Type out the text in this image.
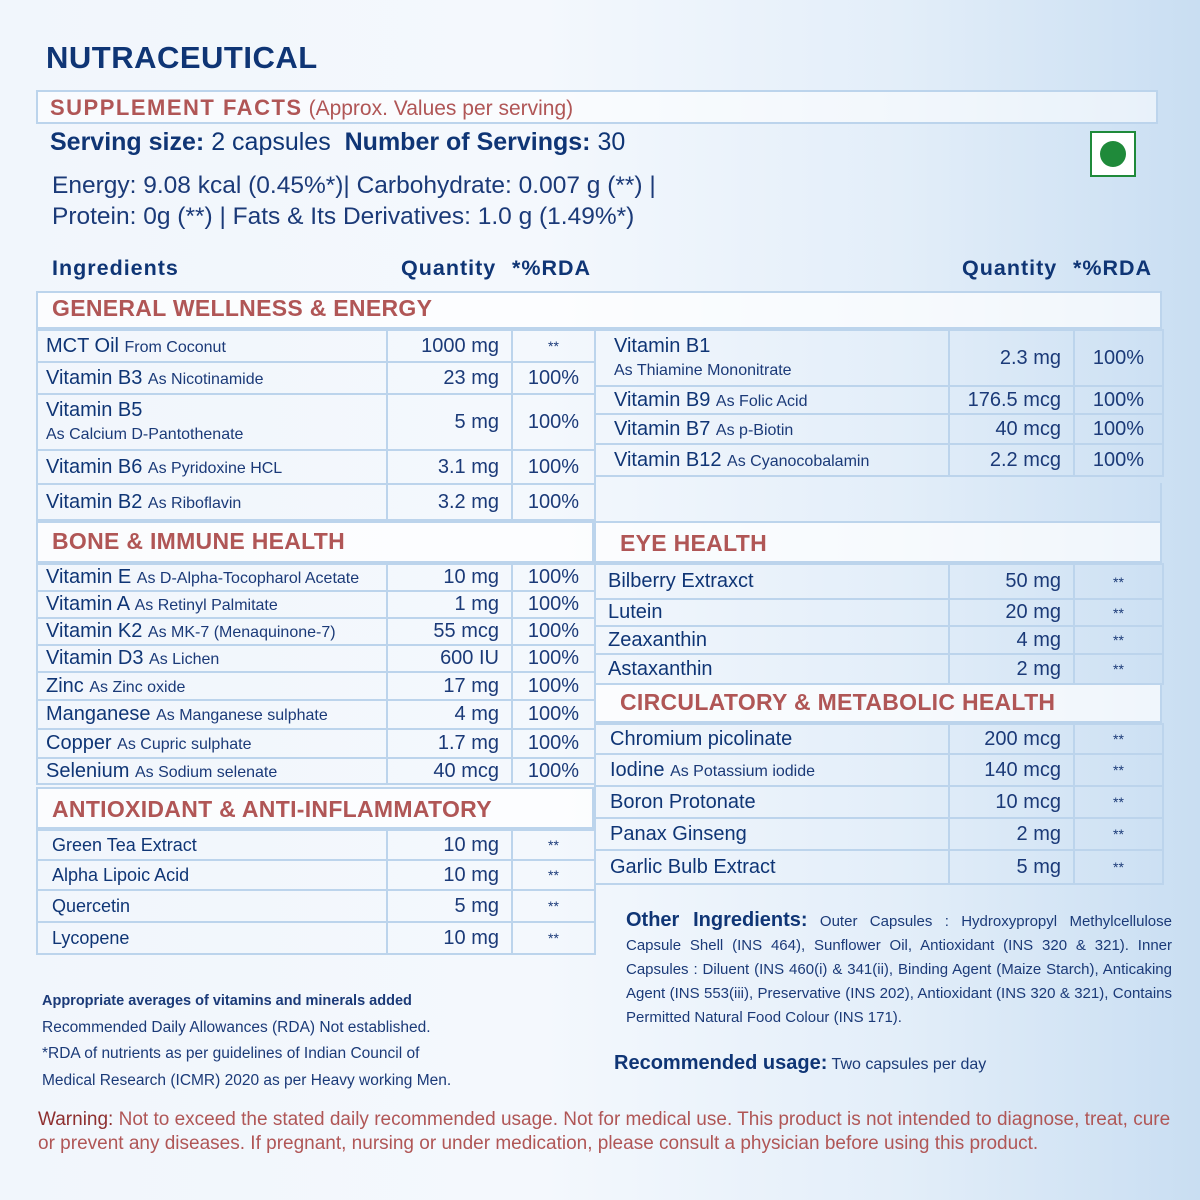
NUTRACEUTICAL
SUPPLEMENT FACTS (Approx. Values per serving)
Serving size: 2 capsules Number of Servings: 30
Energy: 9.08 kcal (0.45%*)| Carbohydrate: 0.007 g (**) |
Protein: 0g (**) | Fats & Its Derivatives: 1.0 g (1.49%*)
Ingredients	Quantity *%RDA	Quantity *%RDA
GENERAL WELLNESS & ENERGY
MCT Oil From Coconut	1000 mg	**
Vitamin B3 As Nicotinamide	23 mg	100%
Vitamin B5
As Calcium D-Pantothenate	5 mg	100%
Vitamin B6 As Pyridoxine HCL	3.1 mg	100%
Vitamin B2 As Riboflavin	3.2 mg	100%
Vitamin B1
As Thiamine Mononitrate	2.3 mg	100%
Vitamin B9 As Folic Acid	176.5 mcg	100%
Vitamin B7 As p-Biotin	40 mcg	100%
Vitamin B12 As Cyanocobalamin	2.2 mcg	100%
BONE & IMMUNE HEALTH
Vitamin E As D-Alpha-Tocopharol Acetate	10 mg	100%
Vitamin A As Retinyl Palmitate	1 mg	100%
Vitamin K2 As MK-7 (Menaquinone-7)	55 mcg	100%
Vitamin D3 As Lichen	600 IU	100%
Zinc As Zinc oxide	17 mg	100%
Manganese As Manganese sulphate	4 mg	100%
Copper As Cupric sulphate	1.7 mg	100%
Selenium As Sodium selenate	40 mcg	100%
ANTIOXIDANT & ANTI-INFLAMMATORY
Green Tea Extract	10 mg	**
Alpha Lipoic Acid	10 mg	**
Quercetin	5 mg	**
Lycopene	10 mg	**
EYE HEALTH
Bilberry Extraxct	50 mg	**
Lutein	20 mg	**
Zeaxanthin	4 mg	**
Astaxanthin	2 mg	**
CIRCULATORY & METABOLIC HEALTH
Chromium picolinate	200 mcg	**
Iodine As Potassium iodide	140 mcg	**
Boron Protonate	10 mcg	**
Panax Ginseng	2 mg	**
Garlic Bulb Extract	5 mg	**
Other Ingredients: Outer Capsules : Hydroxypropyl Methylcellulose Capsule Shell (INS 464), Sunflower Oil, Antioxidant (INS 320 & 321). Inner Capsules : Diluent (INS 460(i) & 341(ii), Binding Agent (Maize Starch), Anticaking Agent (INS 553(iii), Preservative (INS 202), Antioxidant (INS 320 & 321), Contains Permitted Natural Food Colour (INS 171).
Appropriate averages of vitamins and minerals added
Recommended Daily Allowances (RDA) Not established.
*RDA of nutrients as per guidelines of Indian Council of
Medical Research (ICMR) 2020 as per Heavy working Men.
Recommended usage: Two capsules per day
Warning: Not to exceed the stated daily recommended usage. Not for medical use. This product is not intended to diagnose, treat, cure or prevent any diseases. If pregnant, nursing or under medication, please consult a physician before using this product.
